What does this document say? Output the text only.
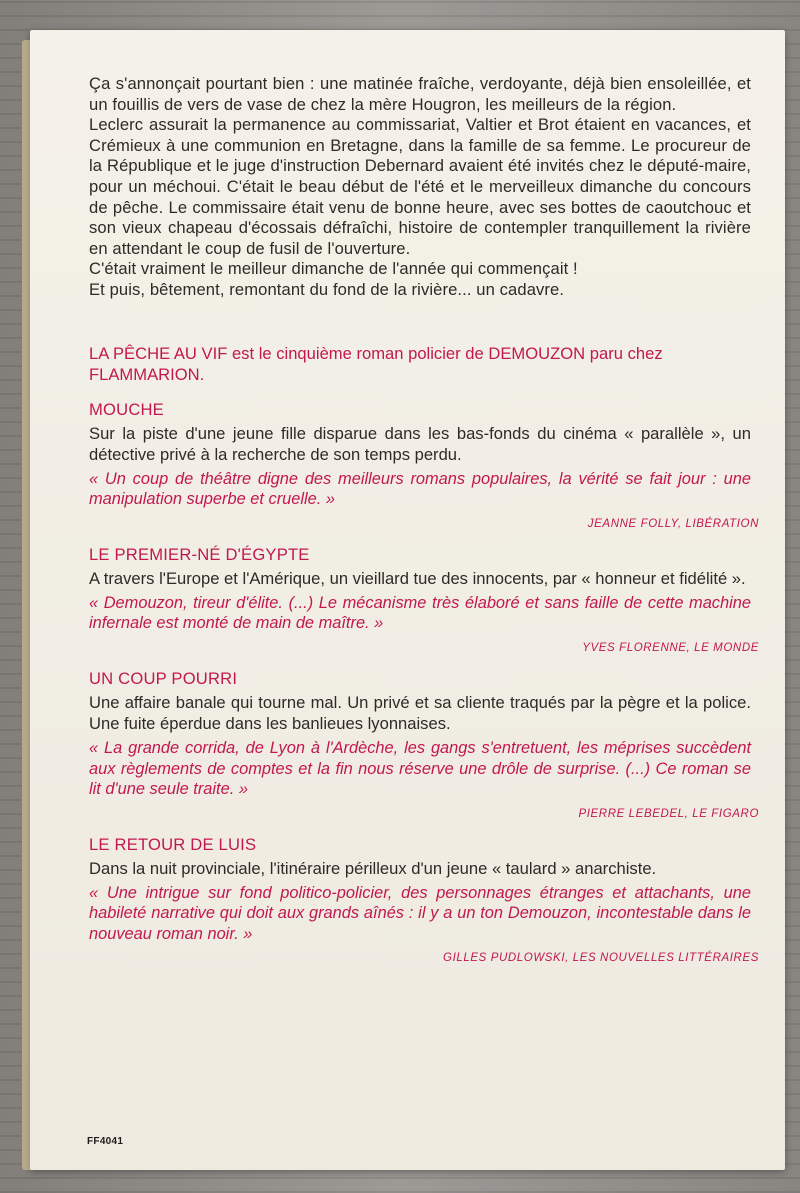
Ça s'annonçait pourtant bien : une matinée fraîche, verdoyante, déjà bien ensoleillée, et un fouillis de vers de vase de chez la mère Hougron, les meilleurs de la région.

Leclerc assurait la permanence au commissariat, Valtier et Brot étaient en vacances, et Crémieux à une communion en Bretagne, dans la famille de sa femme. Le procureur de la République et le juge d'instruction Debernard avaient été invités chez le député-maire, pour un méchoui. C'était le beau début de l'été et le merveilleux dimanche du concours de pêche. Le commissaire était venu de bonne heure, avec ses bottes de caoutchouc et son vieux chapeau d'écossais défraîchi, histoire de contempler tranquillement la rivière en attendant le coup de fusil de l'ouverture.

C'était vraiment le meilleur dimanche de l'année qui commençait !

Et puis, bêtement, remontant du fond de la rivière... un cadavre.

LA PÊCHE AU VIF est le cinquième roman policier de DEMOUZON paru chez FLAMMARION.
MOUCHE
Sur la piste d'une jeune fille disparue dans les bas-fonds du cinéma « parallèle », un détective privé à la recherche de son temps perdu.
« Un coup de théâtre digne des meilleurs romans populaires, la vérité se fait jour : une manipulation superbe et cruelle. »
JEANNE FOLLY, LIBÉRATION
LE PREMIER-NÉ D'ÉGYPTE
A travers l'Europe et l'Amérique, un vieillard tue des innocents, par « honneur et fidélité ».
« Demouzon, tireur d'élite. (...) Le mécanisme très élaboré et sans faille de cette machine infernale est monté de main de maître. »
YVES FLORENNE, LE MONDE
UN COUP POURRI
Une affaire banale qui tourne mal. Un privé et sa cliente traqués par la pègre et la police. Une fuite éperdue dans les banlieues lyonnaises.
« La grande corrida, de Lyon à l'Ardèche, les gangs s'entretuent, les méprises succèdent aux règlements de comptes et la fin nous réserve une drôle de surprise. (...) Ce roman se lit d'une seule traite. »
PIERRE LEBEDEL, LE FIGARO
LE RETOUR DE LUIS
Dans la nuit provinciale, l'itinéraire périlleux d'un jeune « taulard » anarchiste.
« Une intrigue sur fond politico-policier, des personnages étranges et attachants, une habileté narrative qui doit aux grands aînés : il y a un ton Demouzon, incontestable dans le nouveau roman noir. »
GILLES PUDLOWSKI, LES NOUVELLES LITTÉRAIRES
FF4041
